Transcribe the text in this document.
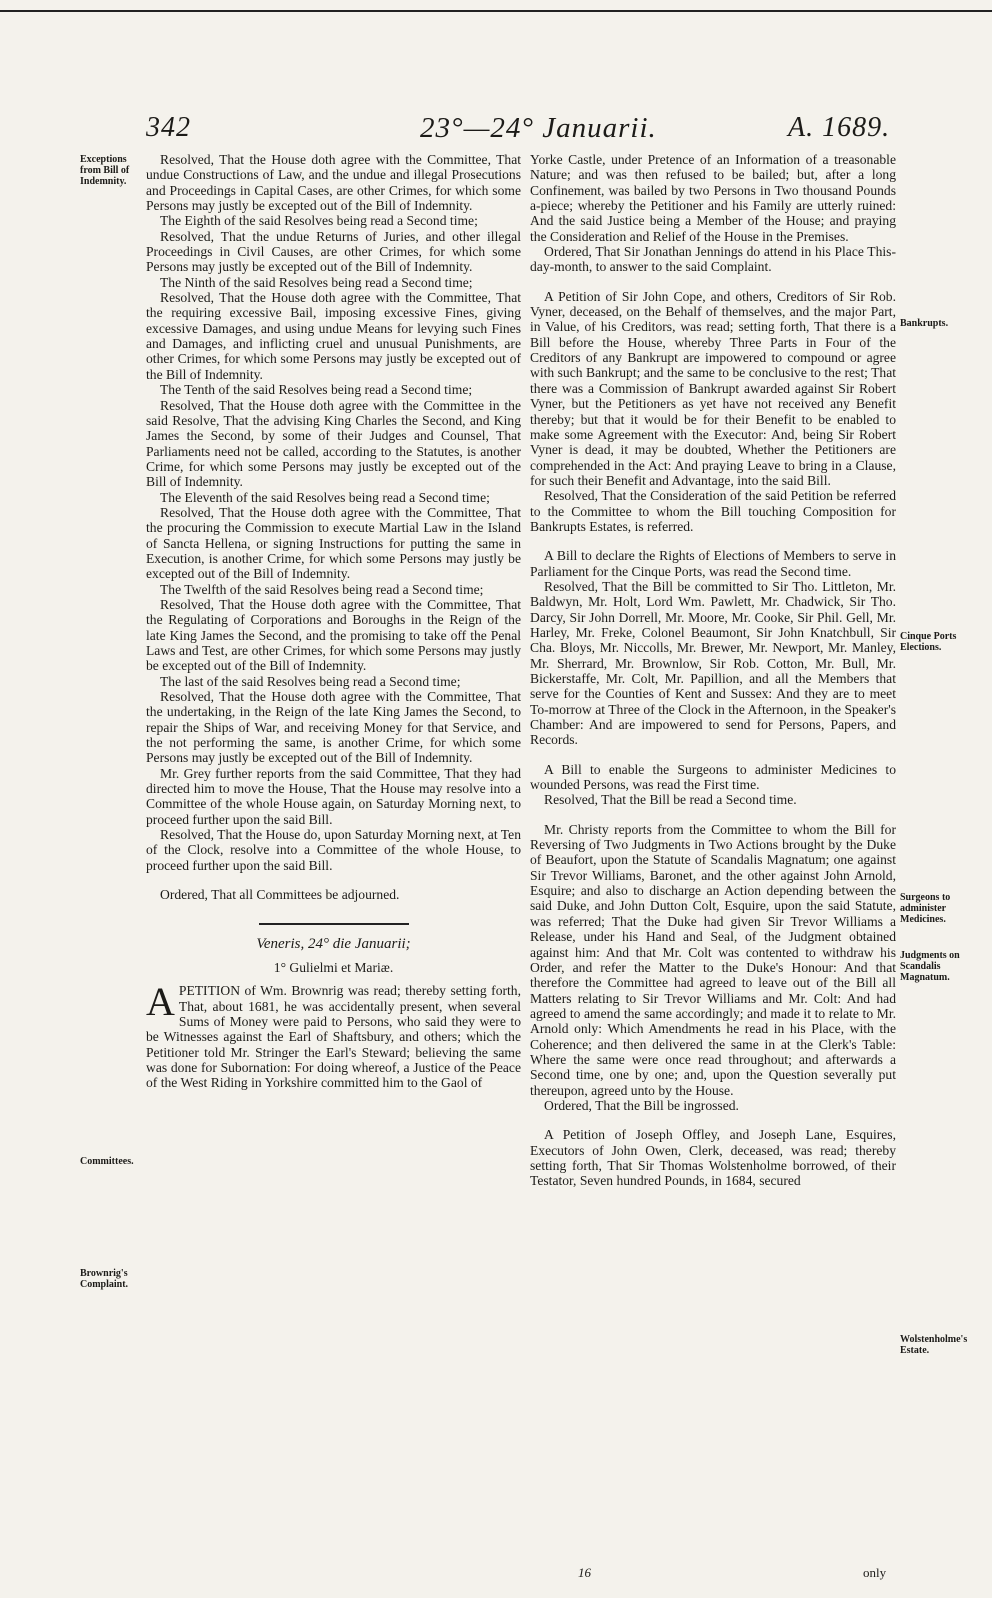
342	23°—24° Januarii.	A. 1689.
Exceptions from Bill of Indemnity.
Committees.
Brownrig's Complaint.
Bankrupts.
Cinque Ports Elections.
Surgeons to administer Medicines.
Judgments on Scandalis Magnatum.
Wolstenholme's Estate.

Resolved, That the House doth agree with the Committee, That undue Constructions of Law, and the undue and illegal Prosecutions and Proceedings in Capital Cases, are other Crimes, for which some Persons may justly be excepted out of the Bill of Indemnity.

The Eighth of the said Resolves being read a Second time;

Resolved, That the undue Returns of Juries, and other illegal Proceedings in Civil Causes, are other Crimes, for which some Persons may justly be excepted out of the Bill of Indemnity.

The Ninth of the said Resolves being read a Second time;

Resolved, That the House doth agree with the Committee, That the requiring excessive Bail, imposing excessive Fines, giving excessive Damages, and using undue Means for levying such Fines and Damages, and inflicting cruel and unusual Punishments, are other Crimes, for which some Persons may justly be excepted out of the Bill of Indemnity.

The Tenth of the said Resolves being read a Second time;

Resolved, That the House doth agree with the Committee in the said Resolve, That the advising King Charles the Second, and King James the Second, by some of their Judges and Counsel, That Parliaments need not be called, according to the Statutes, is another Crime, for which some Persons may justly be excepted out of the Bill of Indemnity.

The Eleventh of the said Resolves being read a Second time;

Resolved, That the House doth agree with the Committee, That the procuring the Commission to execute Martial Law in the Island of Sancta Hellena, or signing Instructions for putting the same in Execution, is another Crime, for which some Persons may justly be excepted out of the Bill of Indemnity.

The Twelfth of the said Resolves being read a Second time;

Resolved, That the House doth agree with the Committee, That the Regulating of Corporations and Boroughs in the Reign of the late King James the Second, and the promising to take off the Penal Laws and Test, are other Crimes, for which some Persons may justly be excepted out of the Bill of Indemnity.

The last of the said Resolves being read a Second time;

Resolved, That the House doth agree with the Committee, That the undertaking, in the Reign of the late King James the Second, to repair the Ships of War, and receiving Money for that Service, and the not performing the same, is another Crime, for which some Persons may justly be excepted out of the Bill of Indemnity.

Mr. Grey further reports from the said Committee, That they had directed him to move the House, That the House may resolve into a Committee of the whole House again, on Saturday Morning next, to proceed further upon the said Bill.

Resolved, That the House do, upon Saturday Morning next, at Ten of the Clock, resolve into a Committee of the whole House, to proceed further upon the said Bill.

Ordered, That all Committees be adjourned.

Veneris, 24° die Januarii;

1° Gulielmi et Mariæ.

APETITION of Wm. Brownrig was read; thereby setting forth, That, about 1681, he was accidentally present, when several Sums of Money were paid to Persons, who said they were to be Witnesses against the Earl of Shaftsbury, and others; which the Petitioner told Mr. Stringer the Earl's Steward; believing the same was done for Subornation: For doing whereof, a Justice of the Peace of the West Riding in Yorkshire committed him to the Gaol of

Yorke Castle, under Pretence of an Information of a treasonable Nature; and was then refused to be bailed; but, after a long Confinement, was bailed by two Persons in Two thousand Pounds a-piece; whereby the Petitioner and his Family are utterly ruined: And the said Justice being a Member of the House; and praying the Consideration and Relief of the House in the Premises.

Ordered, That Sir Jonathan Jennings do attend in his Place This-day-month, to answer to the said Complaint.

A Petition of Sir John Cope, and others, Creditors of Sir Rob. Vyner, deceased, on the Behalf of themselves, and the major Part, in Value, of his Creditors, was read; setting forth, That there is a Bill before the House, whereby Three Parts in Four of the Creditors of any Bankrupt are impowered to compound or agree with such Bankrupt; and the same to be conclusive to the rest; That there was a Commission of Bankrupt awarded against Sir Robert Vyner, but the Petitioners as yet have not received any Benefit thereby; but that it would be for their Benefit to be enabled to make some Agreement with the Executor: And, being Sir Robert Vyner is dead, it may be doubted, Whether the Petitioners are comprehended in the Act: And praying Leave to bring in a Clause, for such their Benefit and Advantage, into the said Bill.

Resolved, That the Consideration of the said Petition be referred to the Committee to whom the Bill touching Composition for Bankrupts Estates, is referred.

A Bill to declare the Rights of Elections of Members to serve in Parliament for the Cinque Ports, was read the Second time.

Resolved, That the Bill be committed to Sir Tho. Littleton, Mr. Baldwyn, Mr. Holt, Lord Wm. Pawlett, Mr. Chadwick, Sir Tho. Darcy, Sir John Dorrell, Mr. Moore, Mr. Cooke, Sir Phil. Gell, Mr. Harley, Mr. Freke, Colonel Beaumont, Sir John Knatchbull, Sir Cha. Bloys, Mr. Niccolls, Mr. Brewer, Mr. Newport, Mr. Manley, Mr. Sherrard, Mr. Brownlow, Sir Rob. Cotton, Mr. Bull, Mr. Bickerstaffe, Mr. Colt, Mr. Papillion, and all the Members that serve for the Counties of Kent and Sussex: And they are to meet To-morrow at Three of the Clock in the Afternoon, in the Speaker's Chamber: And are impowered to send for Persons, Papers, and Records.

A Bill to enable the Surgeons to administer Medicines to wounded Persons, was read the First time.

Resolved, That the Bill be read a Second time.

Mr. Christy reports from the Committee to whom the Bill for Reversing of Two Judgments in Two Actions brought by the Duke of Beaufort, upon the Statute of Scandalis Magnatum; one against Sir Trevor Williams, Baronet, and the other against John Arnold, Esquire; and also to discharge an Action depending between the said Duke, and John Dutton Colt, Esquire, upon the said Statute, was referred; That the Duke had given Sir Trevor Williams a Release, under his Hand and Seal, of the Judgment obtained against him: And that Mr. Colt was contented to withdraw his Order, and refer the Matter to the Duke's Honour: And that therefore the Committee had agreed to leave out of the Bill all Matters relating to Sir Trevor Williams and Mr. Colt: And had agreed to amend the same accordingly; and made it to relate to Mr. Arnold only: Which Amendments he read in his Place, with the Coherence; and then delivered the same in at the Clerk's Table: Where the same were once read throughout; and afterwards a Second time, one by one; and, upon the Question severally put thereupon, agreed unto by the House.

Ordered, That the Bill be ingrossed.

A Petition of Joseph Offley, and Joseph Lane, Esquires, Executors of John Owen, Clerk, deceased, was read; thereby setting forth, That Sir Thomas Wolstenholme borrowed, of their Testator, Seven hundred Pounds, in 1684, secured

16	only
